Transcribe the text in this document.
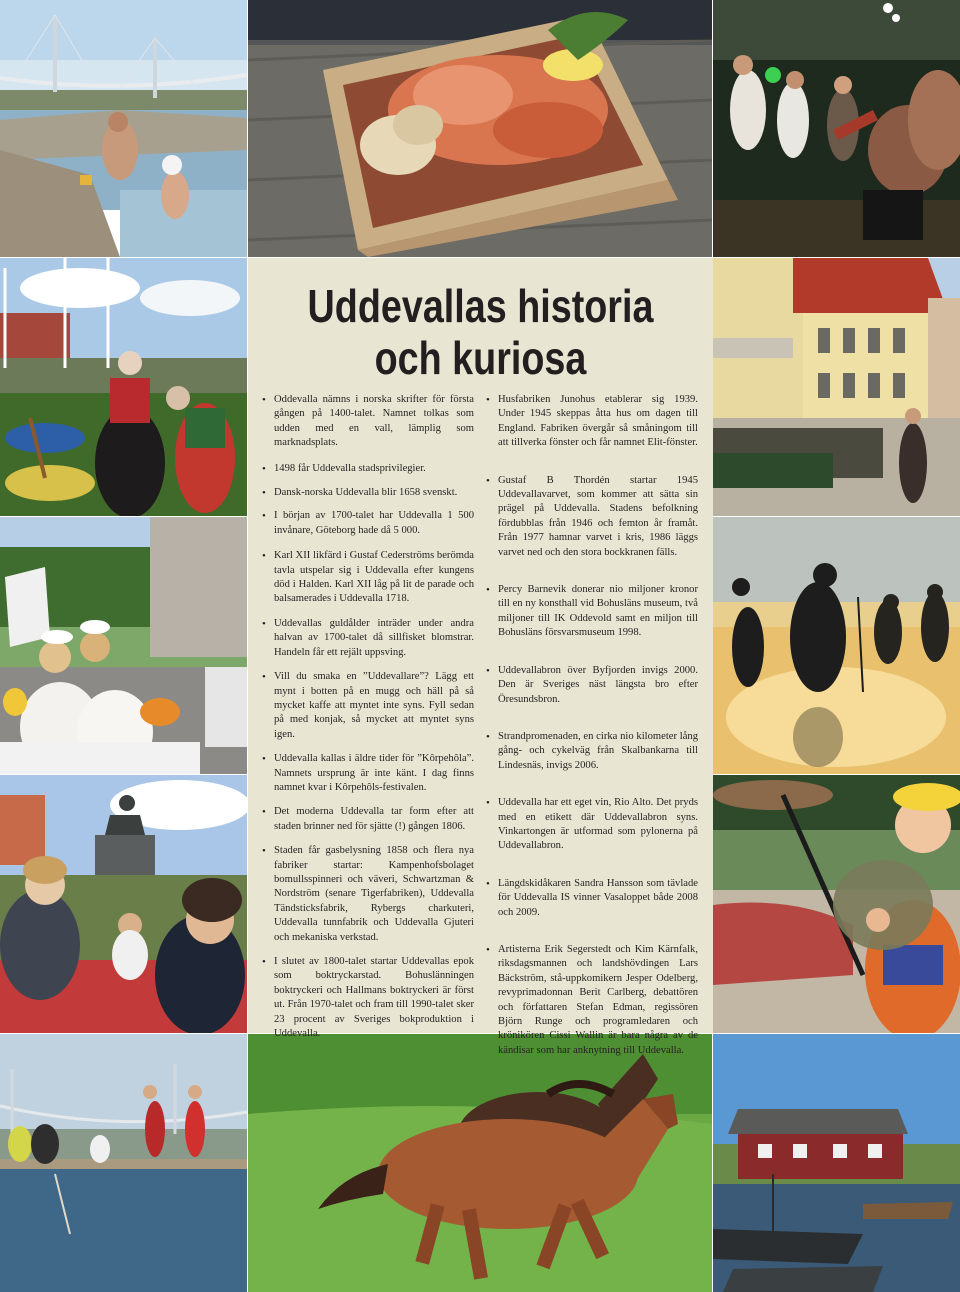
Uddevallas historia
och kuriosa
• Oddevalla nämns i norska skrifter för första gången på 1400-talet. Namnet tolkas som udden med en vall, lämplig som marknadsplats.
• 1498 får Uddevalla stadsprivilegier.
• Dansk-norska Uddevalla blir 1658 svenskt.
• I början av 1700-talet har Uddevalla 1 500 invånare, Göteborg hade då 5 000.
• Karl XII likfärd i Gustaf Cederströms berömda tavla utspelar sig i Uddevalla efter kungens död i Halden. Karl XII låg på lit de parade och balsamerades i Uddevalla 1718.
• Uddevallas guldålder inträder under andra halvan av 1700-talet då sillfisket blomstrar. Handeln får ett rejält uppsving.
• Vill du smaka en ”Uddevallare”? Lägg ett mynt i botten på en mugg och häll på så mycket kaffe att myntet inte syns. Fyll sedan på med konjak, så mycket att myntet syns igen.
• Uddevalla kallas i äldre tider för ”Kôrpehôla”. Namnets ursprung är inte känt. I dag finns namnet kvar i Kôrpehôls-festivalen.
• Det moderna Uddevalla tar form efter att staden brinner ned för sjätte (!) gången 1806.
• Staden får gasbelysning 1858 och flera nya fabriker startar: Kampenhofsbolaget bomullsspinneri och väveri, Schwartzman & Nordström (senare Tigerfabriken), Uddevalla Tändsticksfabrik, Rybergs charkuteri, Uddevalla tunnfabrik och Uddevalla Gjuteri och mekaniska verkstad.
• I slutet av 1800-talet startar Uddevallas epok som boktryckarstad. Bohuslänningen boktryckeri och Hallmans boktryckeri är först ut. Från 1970-talet och fram till 1990-talet sker 23 procent av Sveriges bokproduktion i Uddevalla.
• Husfabriken Junohus etablerar sig 1939. Under 1945 skeppas åtta hus om dagen till England. Fabriken övergår så småningom till att tillverka fönster och får namnet Elit-fönster.
• Gustaf B Thordén startar 1945 Uddevallavarvet, som kommer att sätta sin prägel på Uddevalla. Stadens befolkning fördubblas från 1946 och femton år framåt. Från 1977 hamnar varvet i kris, 1986 läggs varvet ned och den stora bockkranen fälls.
• Percy Barnevik donerar nio miljoner kronor till en ny konsthall vid Bohusläns museum, två miljoner till IK Oddevold samt en miljon till Bohusläns försvarsmuseum 1998.
• Uddevallabron över Byfjorden invigs 2000. Den är Sveriges näst längsta bro efter Öresundsbron.
• Strandpromenaden, en cirka nio kilometer lång gång- och cykelväg från Skalbankarna till Lindesnäs, invigs 2006.
• Uddevalla har ett eget vin, Rio Alto. Det pryds med en etikett där Uddevallabron syns. Vinkartongen är utformad som pylonerna på Uddevallabron.
• Längdskidåkaren Sandra Hansson som tävlade för Uddevalla IS vinner Vasaloppet både 2008 och 2009.
• Artisterna Erik Segerstedt och Kim Kärnfalk, riksdagsmannen och landshövdingen Lars Bäckström, stå-uppkomikern Jesper Odelberg, revyprimadonnan Berit Carlberg, debattören och författaren Stefan Edman, regissören Björn Runge och programledaren och krönikören Cissi Wallin är bara några av de kändisar som har anknytning till Uddevalla.
